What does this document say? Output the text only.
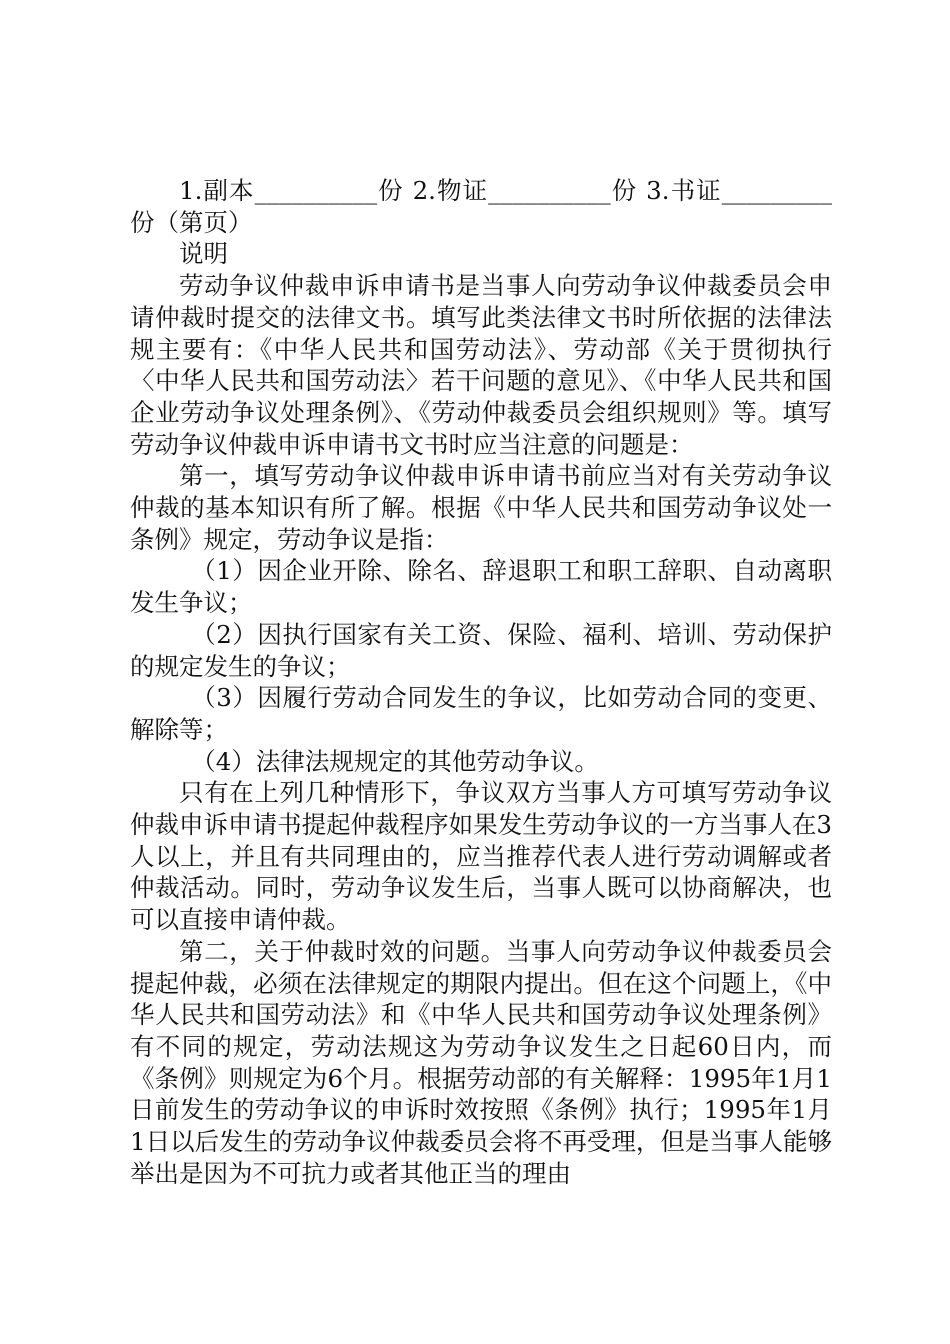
1.副本__________份 2.物证__________份 3.书证_________份（第页）

说明

劳动争议仲裁申诉申请书是当事人向劳动争议仲裁委员会申请仲裁时提交的法律文书。填写此类法律文书时所依据的法律法规主要有：《中华人民共和国劳动法》、劳动部《关于贯彻执行〈中华人民共和国劳动法〉若干问题的意见》、《中华人民共和国企业劳动争议处理条例》、《劳动仲裁委员会组织规则》等。填写劳动争议仲裁申诉申请书文书时应当注意的问题是：

第一，填写劳动争议仲裁申诉申请书前应当对有关劳动争议仲裁的基本知识有所了解。根据《中华人民共和国劳动争议处一条例》规定，劳动争议是指：

（1）因企业开除、除名、辞退职工和职工辞职、自动离职发生争议；

（2）因执行国家有关工资、保险、福利、培训、劳动保护的规定发生的争议；

（3）因履行劳动合同发生的争议，比如劳动合同的变更、解除等；

（4）法律法规规定的其他劳动争议。

只有在上列几种情形下，争议双方当事人方可填写劳动争议仲裁申诉申请书提起仲裁程序如果发生劳动争议的一方当事人在3人以上，并且有共同理由的，应当推荐代表人进行劳动调解或者仲裁活动。同时，劳动争议发生后，当事人既可以协商解决，也可以直接申请仲裁。

第二，关于仲裁时效的问题。当事人向劳动争议仲裁委员会提起仲裁，必须在法律规定的期限内提出。但在这个问题上，《中华人民共和国劳动法》和《中华人民共和国劳动争议处理条例》有不同的规定，劳动法规这为劳动争议发生之日起60日内，而《条例》则规定为6个月。根据劳动部的有关解释：1995年1月1日前发生的劳动争议的申诉时效按照《条例》执行；1995年1月1日以后发生的劳动争议仲裁委员会将不再受理，但是当事人能够举出是因为不可抗力或者其他正当的理由
